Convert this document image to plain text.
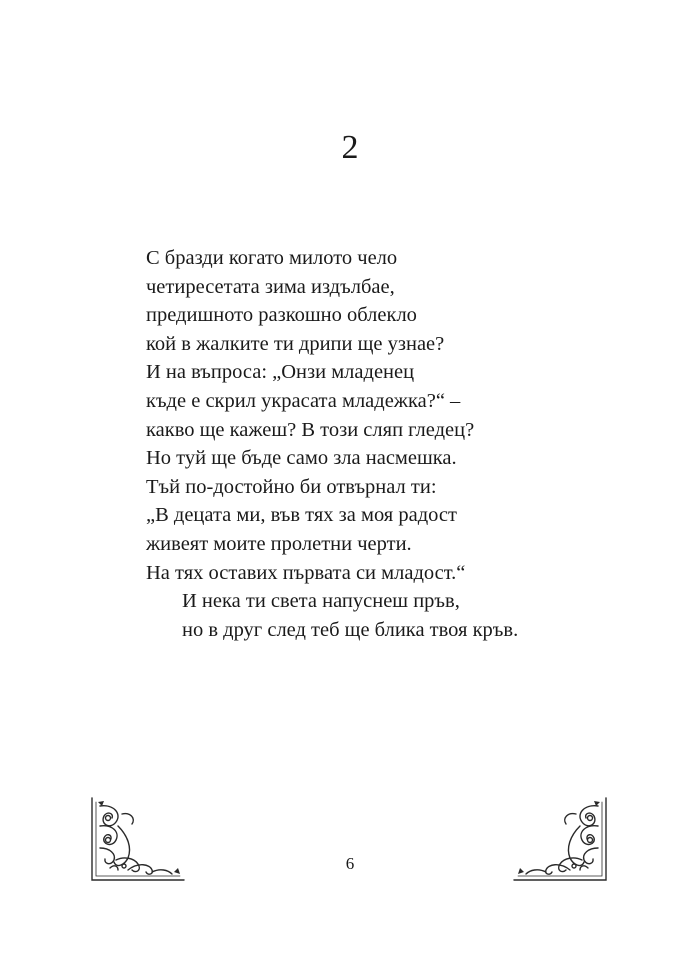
2
С бразди когато милото чело
четиресетата зима издълбае,
предишното разкошно облекло
кой в жалките ти дрипи ще узнае?
И на въпроса: „Онзи младенец
къде е скрил украсата младежка?“ –
какво ще кажеш? В този сляп гледец?
Но туй ще бъде само зла насмешка.
Тъй по-достойно би отвърнал ти:
„В децата ми, във тях за моя радост
живеят моите пролетни черти.
На тях оставих първата си младост.“
И нека ти света напуснеш пръв,
но в друг след теб ще блика твоя кръв.
6
